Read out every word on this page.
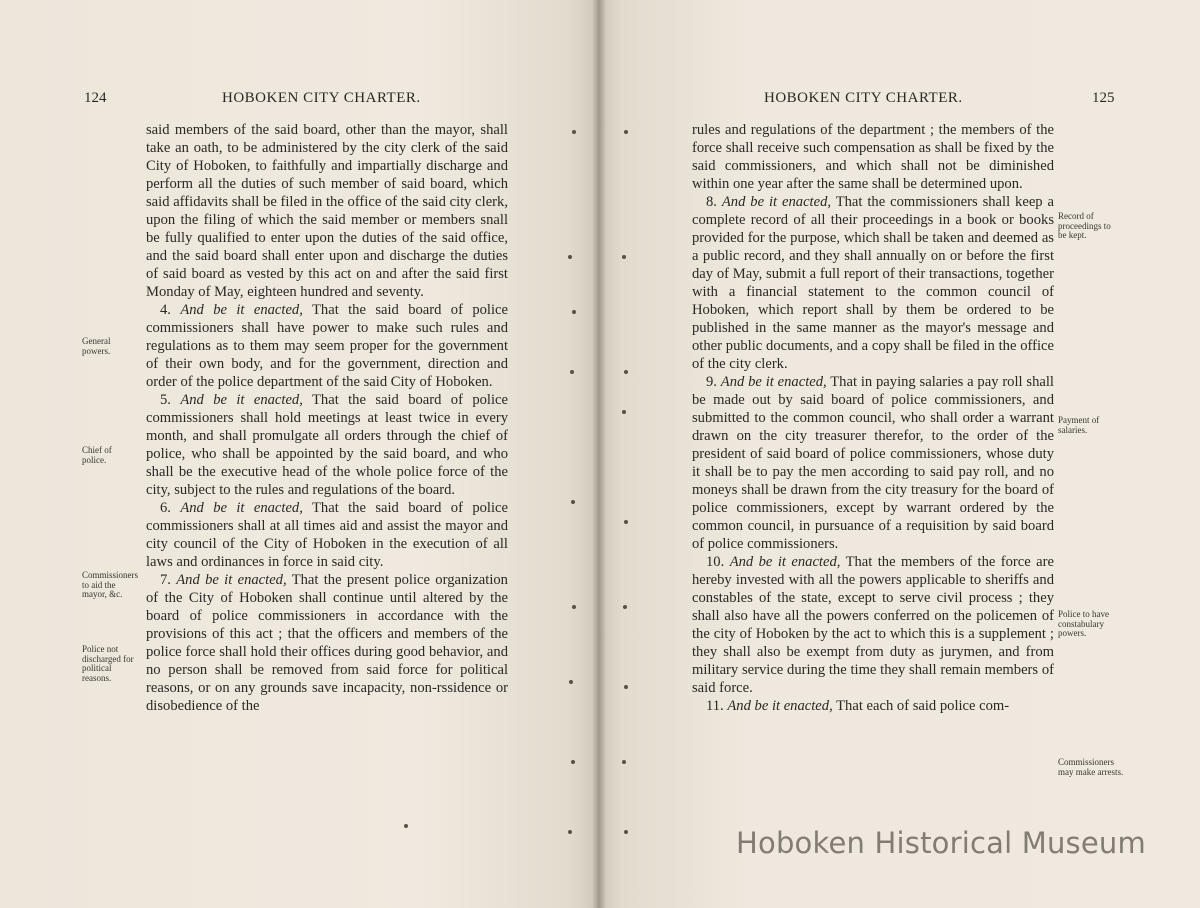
124	HOBOKEN CITY CHARTER.

said members of the said board, other than the mayor, shall take an oath, to be administered by the city clerk of the said City of Hoboken, to faithfully and impartially discharge and perform all the duties of such member of said board, which said affidavits shall be filed in the office of the said city clerk, upon the filing of which the said member or members snall be fully qualified to enter upon the duties of the said office, and the said board shall enter upon and discharge the duties of said board as vested by this act on and after the said first Monday of May, eighteen hundred and seventy.

4. And be it enacted, That the said board of police commissioners shall have power to make such rules and regulations as to them may seem proper for the government of their own body, and for the government, direction and order of the police department of the said City of Hoboken.

5. And be it enacted, That the said board of police commissioners shall hold meetings at least twice in every month, and shall promulgate all orders through the chief of police, who shall be appointed by the said board, and who shall be the executive head of the whole police force of the city, subject to the rules and regulations of the board.

6. And be it enacted, That the said board of police commissioners shall at all times aid and assist the mayor and city council of the City of Hoboken in the execution of all laws and ordinances in force in said city.

7. And be it enacted, That the present police organization of the City of Hoboken shall continue until altered by the board of police commissioners in accordance with the provisions of this act ; that the officers and members of the police force shall hold their offices during good behavior, and no person shall be removed from said force for political reasons, or on any grounds save incapacity, non-rssidence or disobedience of the

General powers.
Chief of police.
Commissioners to aid the mayor, &c.
Police not discharged for political reasons.
HOBOKEN CITY CHARTER.	125

rules and regulations of the department ; the members of the force shall receive such compensation as shall be fixed by the said commissioners, and which shall not be diminished within one year after the same shall be determined upon.

8. And be it enacted, That the commissioners shall keep a complete record of all their proceedings in a book or books provided for the purpose, which shall be taken and deemed as a public record, and they shall annually on or before the first day of May, submit a full report of their transactions, together with a financial statement to the common council of Hoboken, which report shall by them be ordered to be published in the same manner as the mayor's message and other public documents, and a copy shall be filed in the office of the city clerk.

9. And be it enacted, That in paying salaries a pay roll shall be made out by said board of police commissioners, and submitted to the common council, who shall order a warrant drawn on the city treasurer therefor, to the order of the president of said board of police commissioners, whose duty it shall be to pay the men according to said pay roll, and no moneys shall be drawn from the city treasury for the board of police commissioners, except by warrant ordered by the common council, in pursuance of a requisition by said board of police commissioners.

10. And be it enacted, That the members of the force are hereby invested with all the powers applicable to sheriffs and constables of the state, except to serve civil process ; they shall also have all the powers conferred on the policemen of the city of Hoboken by the act to which this is a supplement ; they shall also be exempt from duty as jurymen, and from military service during the time they shall remain members of said force.

11. And be it enacted, That each of said police com-

Record of proceedings to be kept.
Payment of salaries.
Police to have constabulary powers.
Commissioners may make arrests.
Hoboken Historical Museum
